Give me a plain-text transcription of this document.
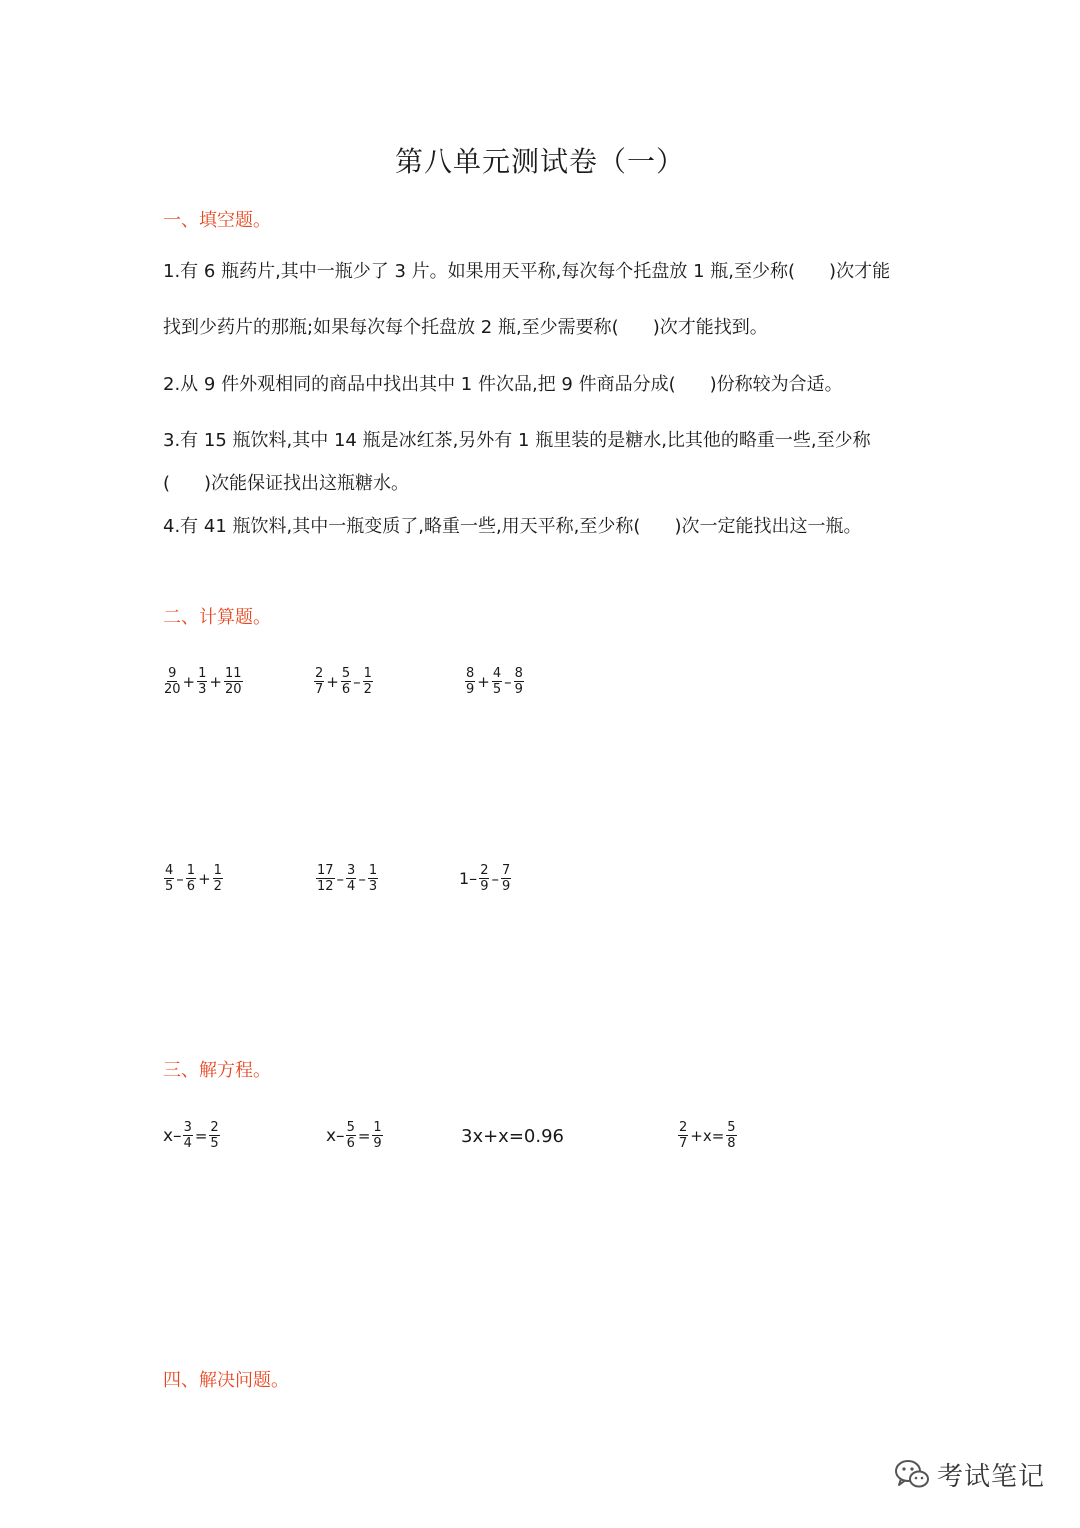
第八单元测试卷（一）
一、填空题。
1.有 6 瓶药片,其中一瓶少了 3 片。如果用天平称,每次每个托盘放 1 瓶,至少称( )次才能
找到少药片的那瓶;如果每次每个托盘放 2 瓶,至少需要称( )次才能找到。
2.从 9 件外观相同的商品中找出其中 1 件次品,把 9 件商品分成( )份称较为合适。
3.有 15 瓶饮料,其中 14 瓶是冰红茶,另外有 1 瓶里装的是糖水,比其他的略重一些,至少称
( )次能保证找出这瓶糖水。
4.有 41 瓶饮料,其中一瓶变质了,略重一些,用天平称,至少称( )次一定能找出这一瓶。
二、计算题。
$\frac{9}{20} + \frac{1}{3} + \frac{11}{20}$	$\frac{2}{7} + \frac{5}{6} - \frac{1}{2}$	$\frac{8}{9} + \frac{4}{5} - \frac{8}{9}$
$\frac{4}{5} - \frac{1}{6} + \frac{1}{2}$	$\frac{17}{12} - \frac{3}{4} - \frac{1}{3}$	$1- \frac{2}{9} - \frac{7}{9}$
三、解方程。
$x- \frac{3}{4} = \frac{2}{5}$	$x- \frac{5}{6} = \frac{1}{9}$	3x+x=0.96	$\frac{2}{7} +x= \frac{5}{8}$
四、解决问题。
考试笔记
